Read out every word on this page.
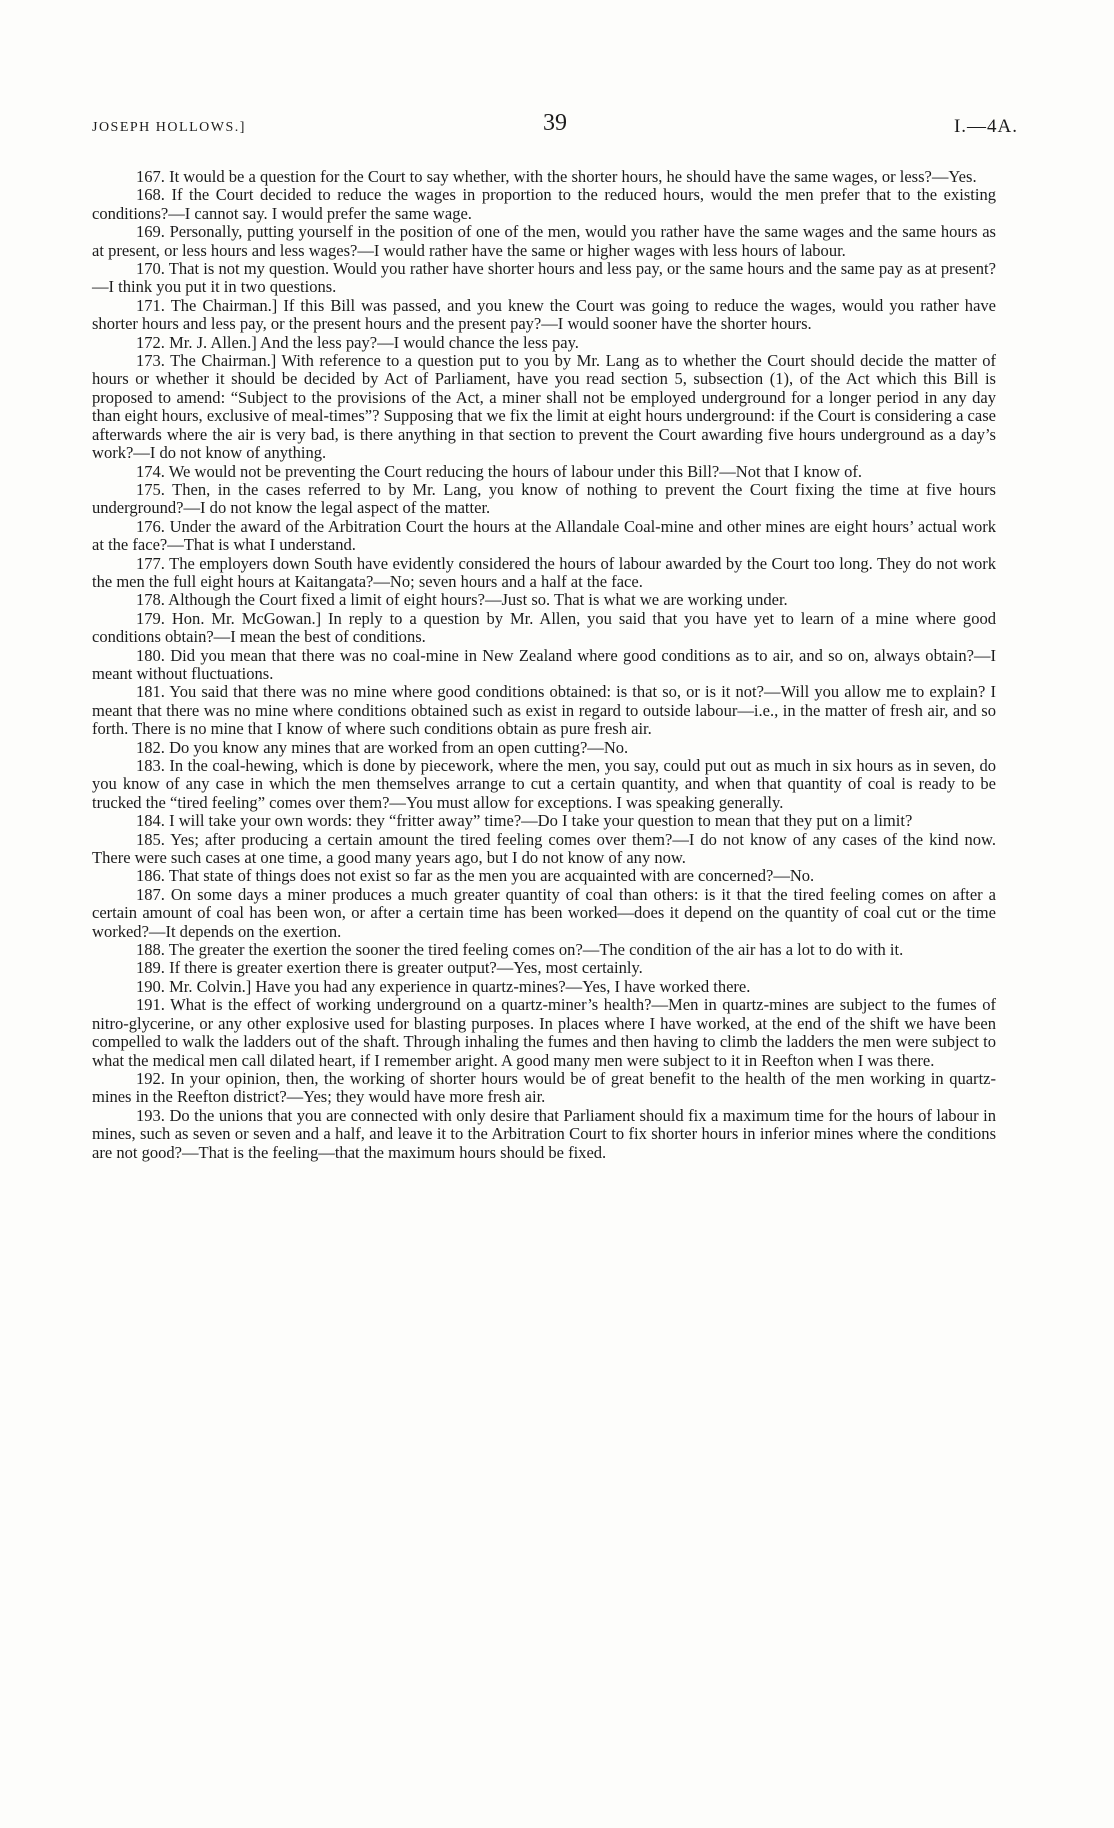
JOSEPH HOLLOWS.]	39	I.—4A.

167. It would be a question for the Court to say whether, with the shorter hours, he should have the same wages, or less?—Yes.

168. If the Court decided to reduce the wages in proportion to the reduced hours, would the men prefer that to the existing conditions?—I cannot say. I would prefer the same wage.

169. Personally, putting yourself in the position of one of the men, would you rather have the same wages and the same hours as at present, or less hours and less wages?—I would rather have the same or higher wages with less hours of labour.

170. That is not my question. Would you rather have shorter hours and less pay, or the same hours and the same pay as at present?—I think you put it in two questions.

171. The Chairman.] If this Bill was passed, and you knew the Court was going to reduce the wages, would you rather have shorter hours and less pay, or the present hours and the present pay?—I would sooner have the shorter hours.

172. Mr. J. Allen.] And the less pay?—I would chance the less pay.

173. The Chairman.] With reference to a question put to you by Mr. Lang as to whether the Court should decide the matter of hours or whether it should be decided by Act of Parliament, have you read section 5, subsection (1), of the Act which this Bill is proposed to amend: “Subject to the provisions of the Act, a miner shall not be employed underground for a longer period in any day than eight hours, exclusive of meal-times”? Supposing that we fix the limit at eight hours underground: if the Court is considering a case afterwards where the air is very bad, is there anything in that section to prevent the Court awarding five hours underground as a day’s work?—I do not know of anything.

174. We would not be preventing the Court reducing the hours of labour under this Bill?—Not that I know of.

175. Then, in the cases referred to by Mr. Lang, you know of nothing to prevent the Court fixing the time at five hours underground?—I do not know the legal aspect of the matter.

176. Under the award of the Arbitration Court the hours at the Allandale Coal-mine and other mines are eight hours’ actual work at the face?—That is what I understand.

177. The employers down South have evidently considered the hours of labour awarded by the Court too long. They do not work the men the full eight hours at Kaitangata?—No; seven hours and a half at the face.

178. Although the Court fixed a limit of eight hours?—Just so. That is what we are working under.

179. Hon. Mr. McGowan.] In reply to a question by Mr. Allen, you said that you have yet to learn of a mine where good conditions obtain?—I mean the best of conditions.

180. Did you mean that there was no coal-mine in New Zealand where good conditions as to air, and so on, always obtain?—I meant without fluctuations.

181. You said that there was no mine where good conditions obtained: is that so, or is it not?—Will you allow me to explain? I meant that there was no mine where conditions obtained such as exist in regard to outside labour—i.e., in the matter of fresh air, and so forth. There is no mine that I know of where such conditions obtain as pure fresh air.

182. Do you know any mines that are worked from an open cutting?—No.

183. In the coal-hewing, which is done by piecework, where the men, you say, could put out as much in six hours as in seven, do you know of any case in which the men themselves arrange to cut a certain quantity, and when that quantity of coal is ready to be trucked the “tired feeling” comes over them?—You must allow for exceptions. I was speaking generally.

184. I will take your own words: they “fritter away” time?—Do I take your question to mean that they put on a limit?

185. Yes; after producing a certain amount the tired feeling comes over them?—I do not know of any cases of the kind now. There were such cases at one time, a good many years ago, but I do not know of any now.

186. That state of things does not exist so far as the men you are acquainted with are concerned?—No.

187. On some days a miner produces a much greater quantity of coal than others: is it that the tired feeling comes on after a certain amount of coal has been won, or after a certain time has been worked—does it depend on the quantity of coal cut or the time worked?—It depends on the exertion.

188. The greater the exertion the sooner the tired feeling comes on?—The condition of the air has a lot to do with it.

189. If there is greater exertion there is greater output?—Yes, most certainly.

190. Mr. Colvin.] Have you had any experience in quartz-mines?—Yes, I have worked there.

191. What is the effect of working underground on a quartz-miner’s health?—Men in quartz-mines are subject to the fumes of nitro-glycerine, or any other explosive used for blasting purposes. In places where I have worked, at the end of the shift we have been compelled to walk the ladders out of the shaft. Through inhaling the fumes and then having to climb the ladders the men were subject to what the medical men call dilated heart, if I remember aright. A good many men were subject to it in Reefton when I was there.

192. In your opinion, then, the working of shorter hours would be of great benefit to the health of the men working in quartz-mines in the Reefton district?—Yes; they would have more fresh air.

193. Do the unions that you are connected with only desire that Parliament should fix a maximum time for the hours of labour in mines, such as seven or seven and a half, and leave it to the Arbitration Court to fix shorter hours in inferior mines where the conditions are not good?—That is the feeling—that the maximum hours should be fixed.
